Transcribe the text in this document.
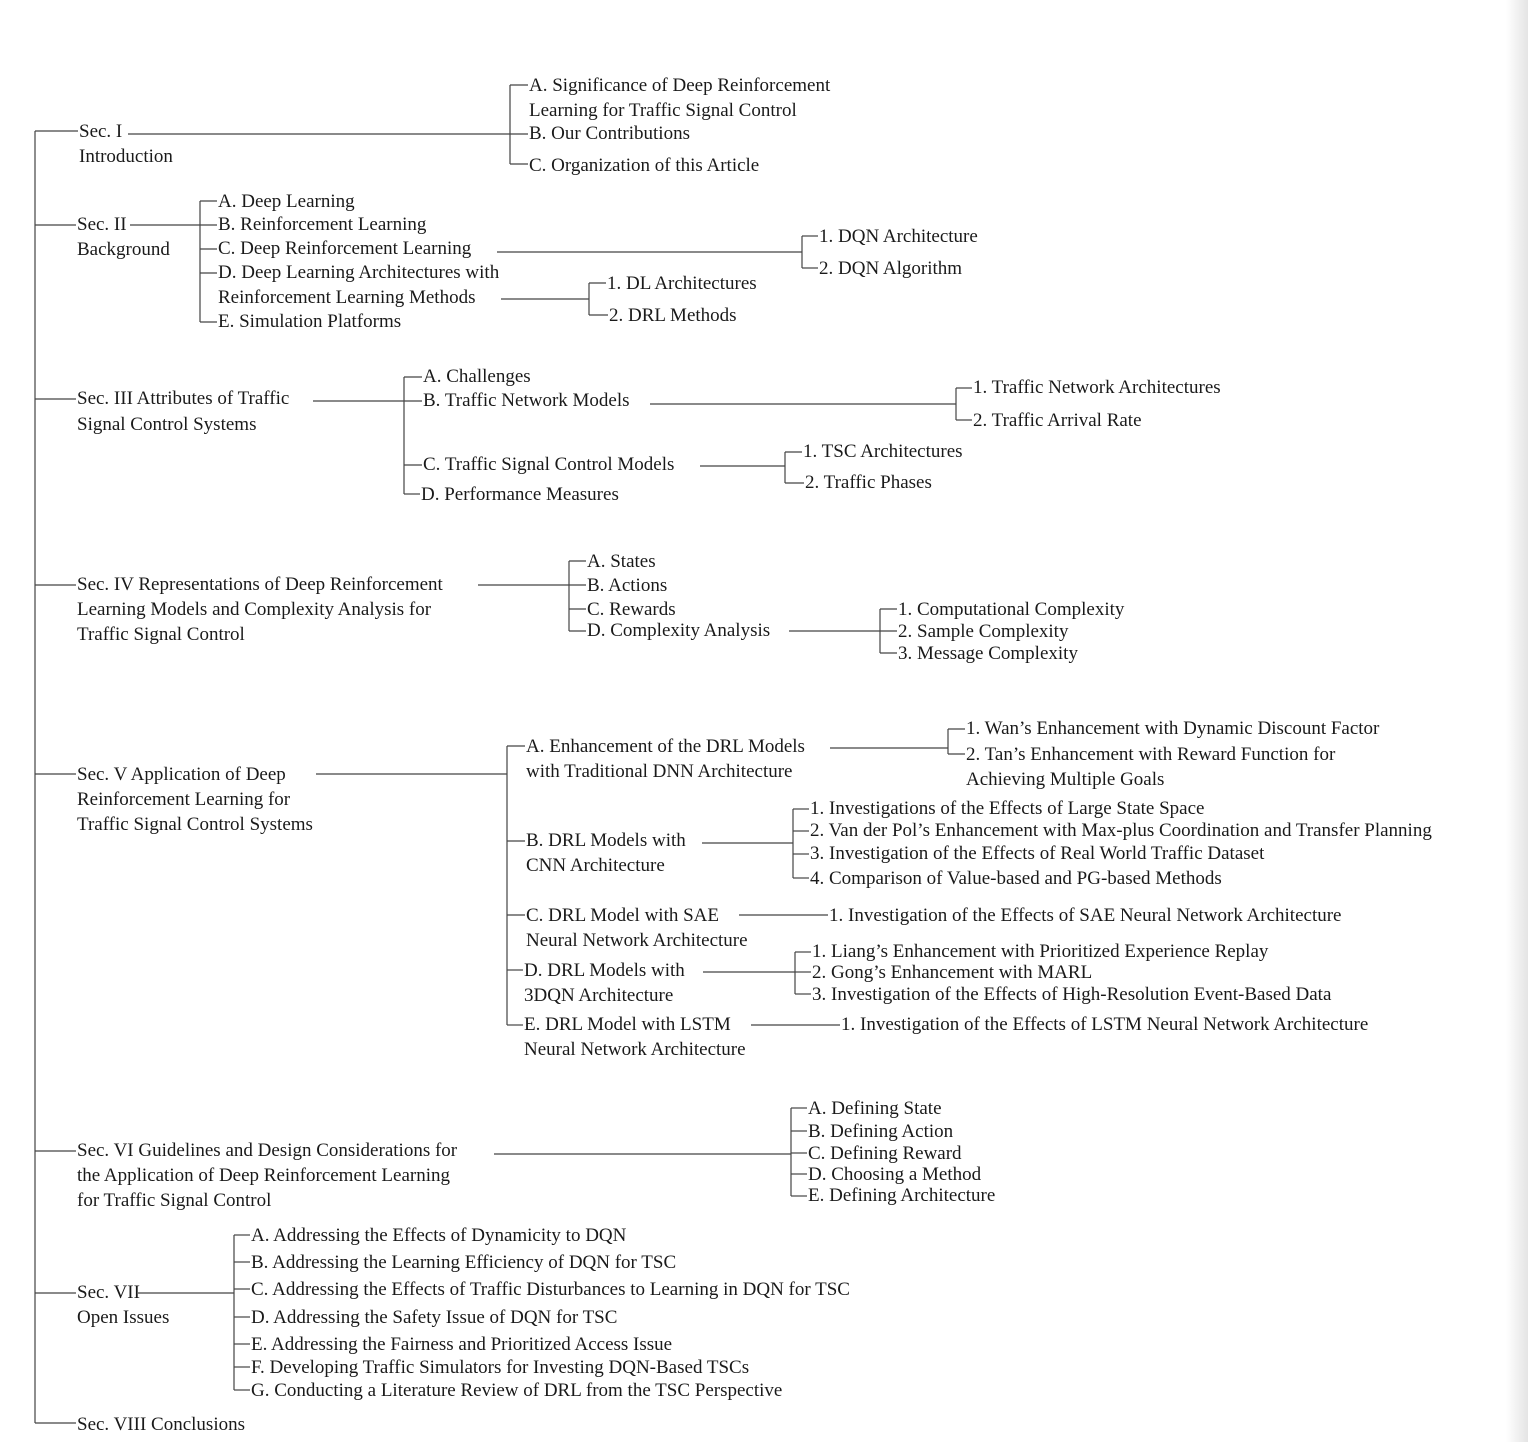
Sec. I
Introduction
A. Significance of Deep Reinforcement
Learning for Traffic Signal Control
B. Our Contributions
C. Organization of this Article
Sec. II
Background
A. Deep Learning
B. Reinforcement Learning
C. Deep Reinforcement Learning
D. Deep Learning Architectures with
Reinforcement Learning Methods
E. Simulation Platforms
1. DQN Architecture
2. DQN Algorithm
1. DL Architectures
2. DRL Methods
Sec. III Attributes of Traffic
Signal Control Systems
A. Challenges
B. Traffic Network Models
C. Traffic Signal Control Models
D. Performance Measures
1. Traffic Network Architectures
2. Traffic Arrival Rate
1. TSC Architectures
2. Traffic Phases
Sec. IV Representations of Deep Reinforcement
Learning Models and Complexity Analysis for
Traffic Signal Control
A. States
B. Actions
C. Rewards
D. Complexity Analysis
1. Computational Complexity
2. Sample Complexity
3. Message Complexity
Sec. V Application of Deep
Reinforcement Learning for
Traffic Signal Control Systems
A. Enhancement of the DRL Models
with Traditional DNN Architecture
B. DRL Models with
CNN Architecture
C. DRL Model with SAE
Neural Network Architecture
D. DRL Models with
3DQN Architecture
E. DRL Model with LSTM
Neural Network Architecture
1. Wan’s Enhancement with Dynamic Discount Factor
2. Tan’s Enhancement with Reward Function for
Achieving Multiple Goals
1. Investigations of the Effects of Large State Space
2. Van der Pol’s Enhancement with Max-plus Coordination and Transfer Planning
3. Investigation of the Effects of Real World Traffic Dataset
4. Comparison of Value-based and PG-based Methods
1. Investigation of the Effects of SAE Neural Network Architecture
1. Liang’s Enhancement with Prioritized Experience Replay
2. Gong’s Enhancement with MARL
3. Investigation of the Effects of High-Resolution Event-Based Data
1. Investigation of the Effects of LSTM Neural Network Architecture
Sec. VI Guidelines and Design Considerations for
the Application of Deep Reinforcement Learning
for Traffic Signal Control
A. Defining State
B. Defining Action
C. Defining Reward
D. Choosing a Method
E. Defining Architecture
Sec. VII
Open Issues
A. Addressing the Effects of Dynamicity to DQN
B. Addressing the Learning Efficiency of DQN for TSC
C. Addressing the Effects of Traffic Disturbances to Learning in DQN for TSC
D. Addressing the Safety Issue of DQN for TSC
E. Addressing the Fairness and Prioritized Access Issue
F. Developing Traffic Simulators for Investing DQN-Based TSCs
G. Conducting a Literature Review of DRL from the TSC Perspective
Sec. VIII Conclusions
